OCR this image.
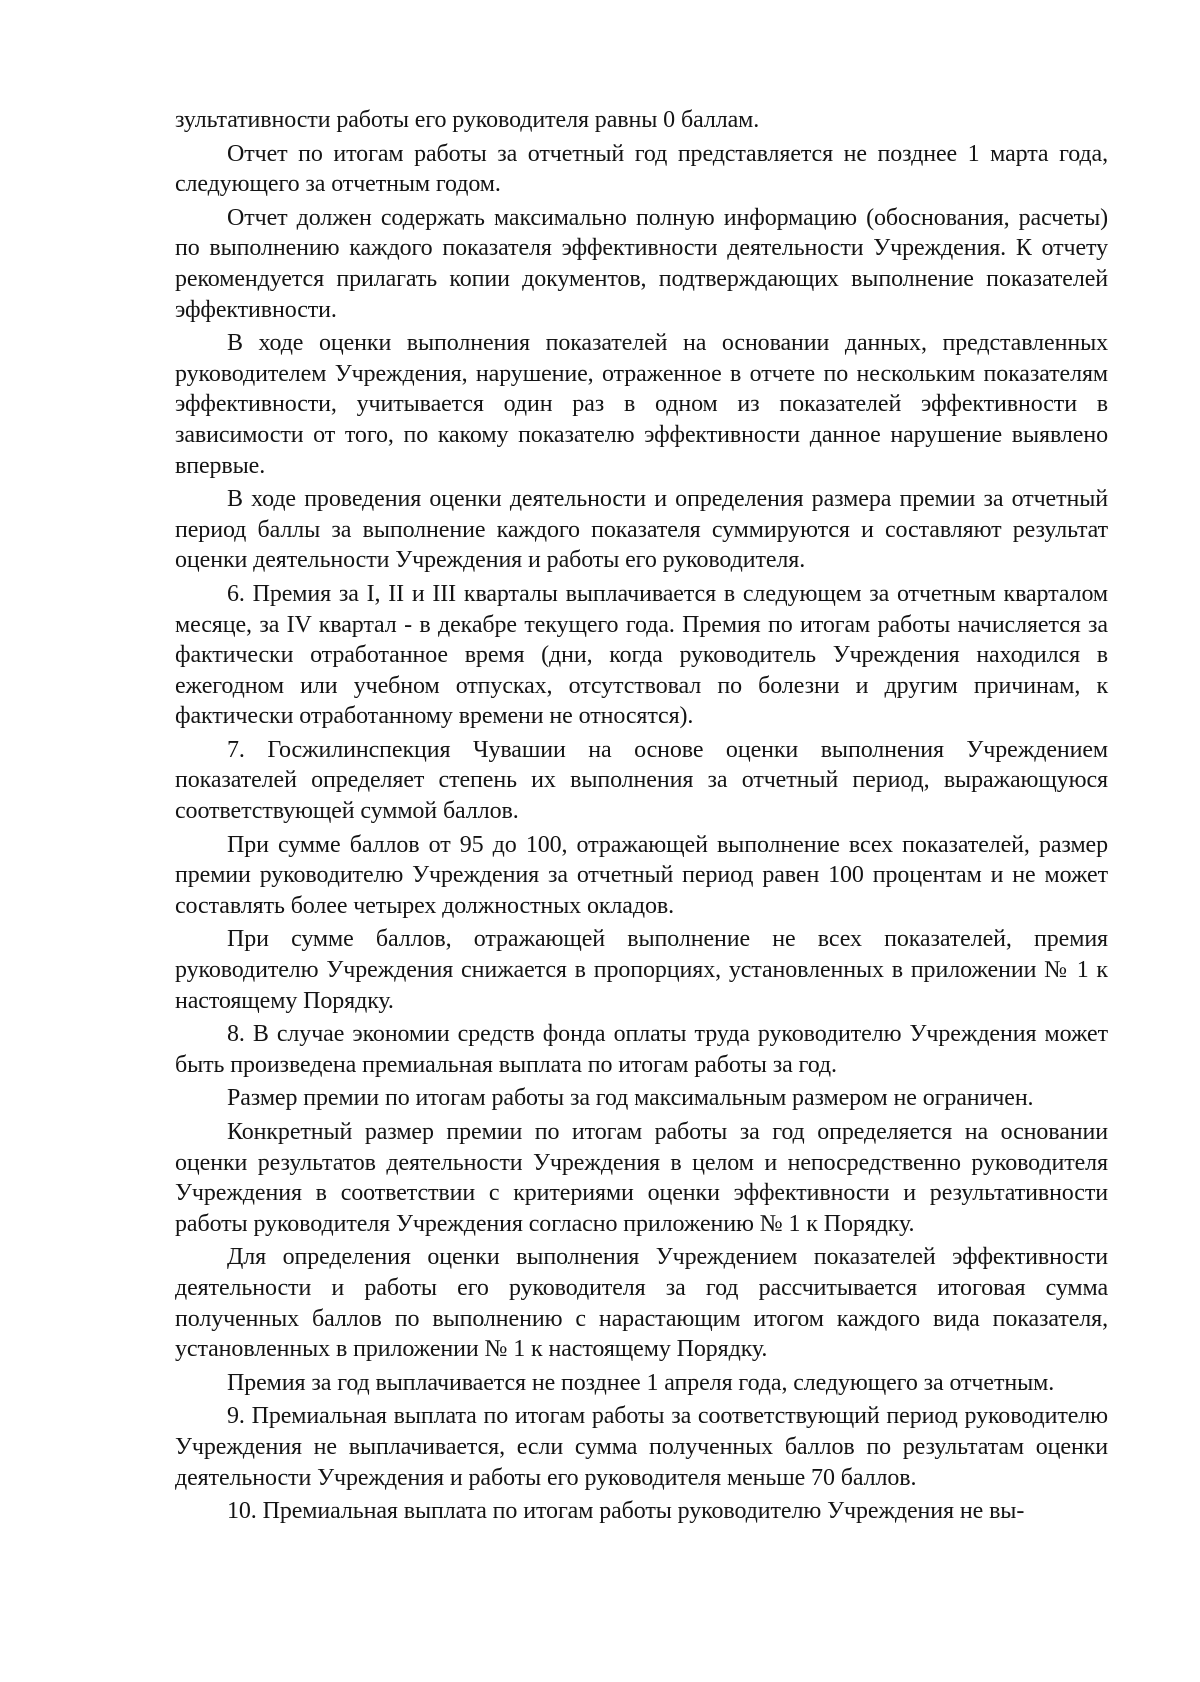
зультативности работы его руководителя равны 0 баллам.

Отчет по итогам работы за отчетный год представляется не позднее 1 марта года, следующего за отчетным годом.

Отчет должен содержать максимально полную информацию (обоснования, расчеты) по выполнению каждого показателя эффективности деятельности Учреждения. К отчету рекомендуется прилагать копии документов, подтверждающих выполнение показателей эффективности.

В ходе оценки выполнения показателей на основании данных, представленных руководителем Учреждения, нарушение, отраженное в отчете по нескольким показателям эффективности, учитывается один раз в одном из показателей эффективности в зависимости от того, по какому показателю эффективности данное нарушение выявлено впервые.

В ходе проведения оценки деятельности и определения размера премии за отчетный период баллы за выполнение каждого показателя суммируются и составляют результат оценки деятельности Учреждения и работы его руководителя.

6. Премия за I, II и III кварталы выплачивается в следующем за отчетным кварталом месяце, за IV квартал - в декабре текущего года. Премия по итогам работы начисляется за фактически отработанное время (дни, когда руководитель Учреждения находился в ежегодном или учебном отпусках, отсутствовал по болезни и другим причинам, к фактически отработанному времени не относятся).

7. Госжилинспекция Чувашии на основе оценки выполнения Учреждением показателей определяет степень их выполнения за отчетный период, выражающуюся соответствующей суммой баллов.

При сумме баллов от 95 до 100, отражающей выполнение всех показателей, размер премии руководителю Учреждения за отчетный период равен 100 процентам и не может составлять более четырех должностных окладов.

При сумме баллов, отражающей выполнение не всех показателей, премия руководителю Учреждения снижается в пропорциях, установленных в приложении № 1 к настоящему Порядку.

8. В случае экономии средств фонда оплаты труда руководителю Учреждения может быть произведена премиальная выплата по итогам работы за год.

Размер премии по итогам работы за год максимальным размером не ограничен.

Конкретный размер премии по итогам работы за год определяется на основании оценки результатов деятельности Учреждения в целом и непосредственно руководителя Учреждения в соответствии с критериями оценки эффективности и результативности работы руководителя Учреждения согласно приложению № 1 к Порядку.

Для определения оценки выполнения Учреждением показателей эффективности деятельности и работы его руководителя за год рассчитывается итоговая сумма полученных баллов по выполнению с нарастающим итогом каждого вида показателя, установленных в приложении № 1 к настоящему Порядку.

Премия за год выплачивается не позднее 1 апреля года, следующего за отчетным.

9. Премиальная выплата по итогам работы за соответствующий период руководителю Учреждения не выплачивается, если сумма полученных баллов по результатам оценки деятельности Учреждения и работы его руководителя меньше 70 баллов.

10. Премиальная выплата по итогам работы руководителю Учреждения не вы-
